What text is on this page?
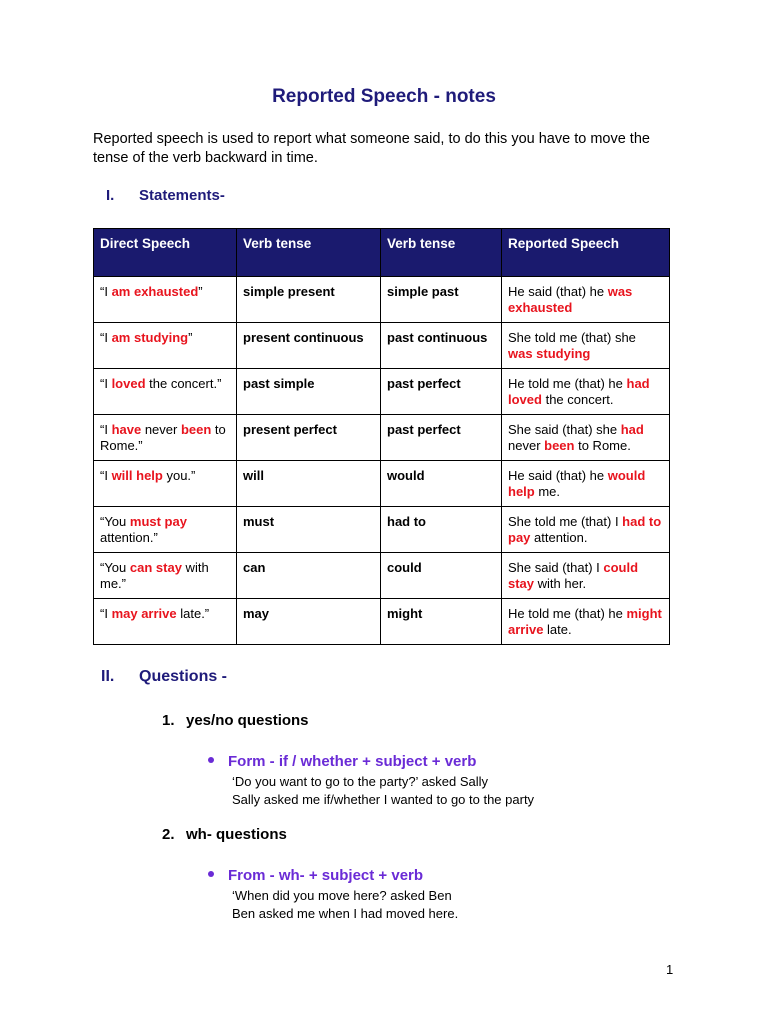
Reported Speech - notes

Reported speech is used to report what someone said, to do this you have to move the tense of the verb backward in time.

I. Statements-
Direct Speech	Verb tense	Verb tense	Reported Speech
“I am exhausted”	simple present	simple past	He said (that) he was exhausted
“I am studying”	present continuous	past continuous	She told me (that) she was studying
“I loved the concert.”	past simple	past perfect	He told me (that) he had loved the concert.
“I have never been to Rome.”	present perfect	past perfect	She said (that) she had never been to Rome.
“I will help you.”	will	would	He said (that) he would help me.
“You must pay attention.”	must	had to	She told me (that) I had to pay attention.
“You can stay with me.”	can	could	She said (that) I could stay with her.
“I may arrive late.”	may	might	He told me (that) he might arrive late.
II. Questions -
1. yes/no questions
Form - if / whether + subject + verb
‘Do you want to go to the party?’ asked Sally
Sally asked me if/whether I wanted to go to the party
2. wh- questions
From - wh- + subject + verb
‘When did you move here? asked Ben
Ben asked me when I had moved here.
1
